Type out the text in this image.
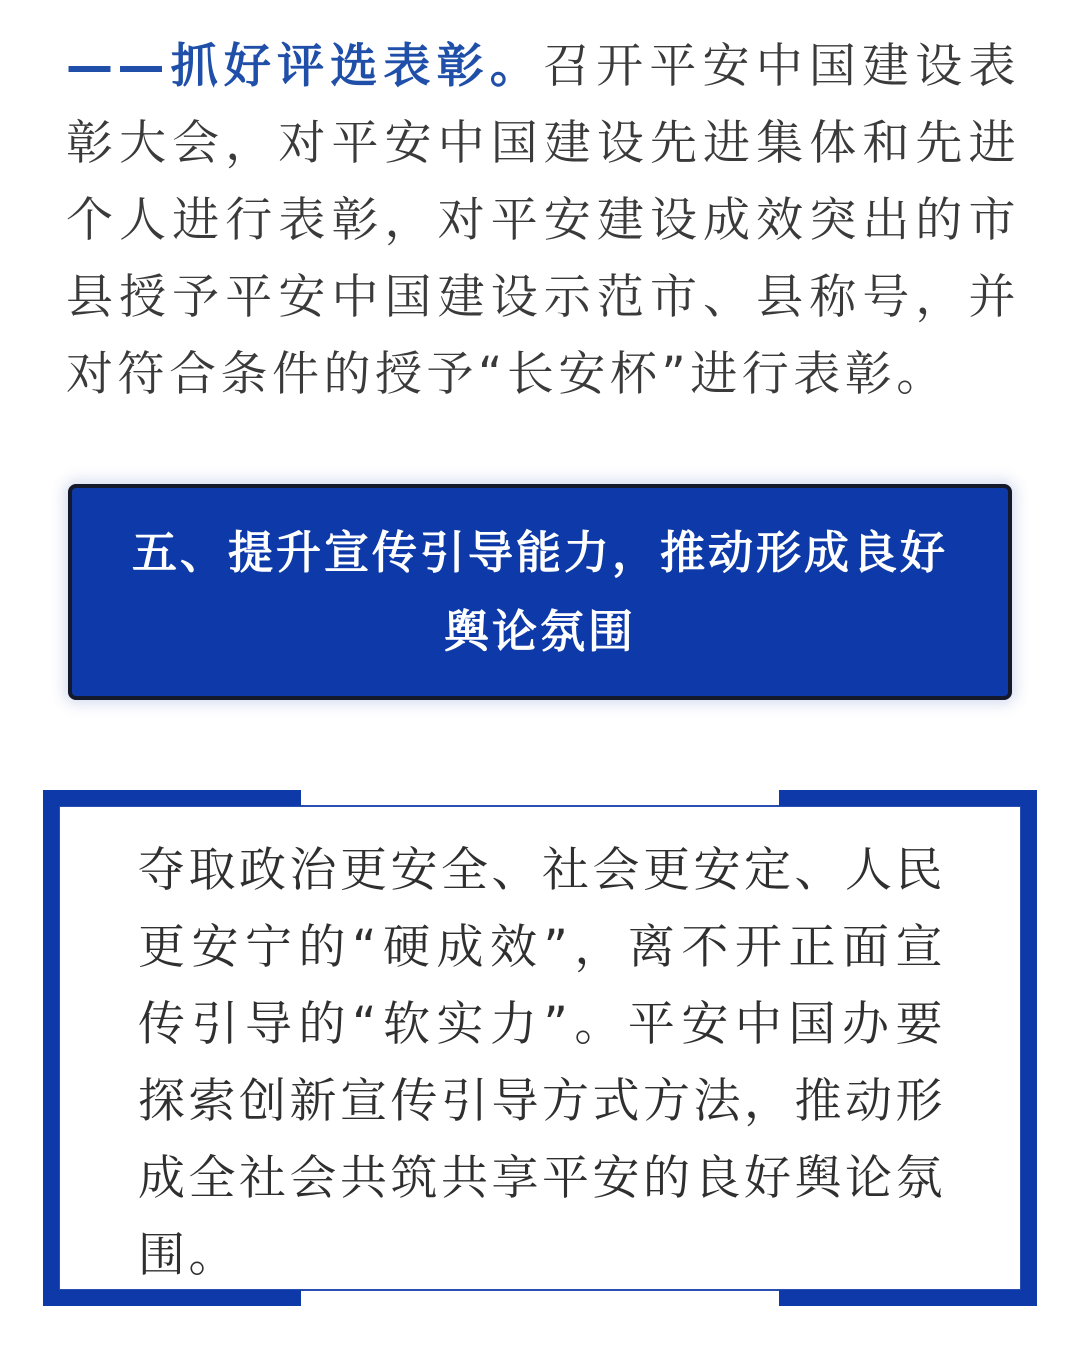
——抓好评选表彰。召开平安中国建设表彰大会，对平安中国建设先进集体和先进个人进行表彰，对平安建设成效突出的市县授予平安中国建设示范市、县称号，并对符合条件的授予“长安杯”进行表彰。

五、提升宣传引导能力，推动形成良好舆论氛围

夺取政治更安全、社会更安定、人民更安宁的“硬成效”，离不开正面宣传引导的“软实力”。平安中国办要探索创新宣传引导方式方法，推动形成全社会共筑共享平安的良好舆论氛围。
